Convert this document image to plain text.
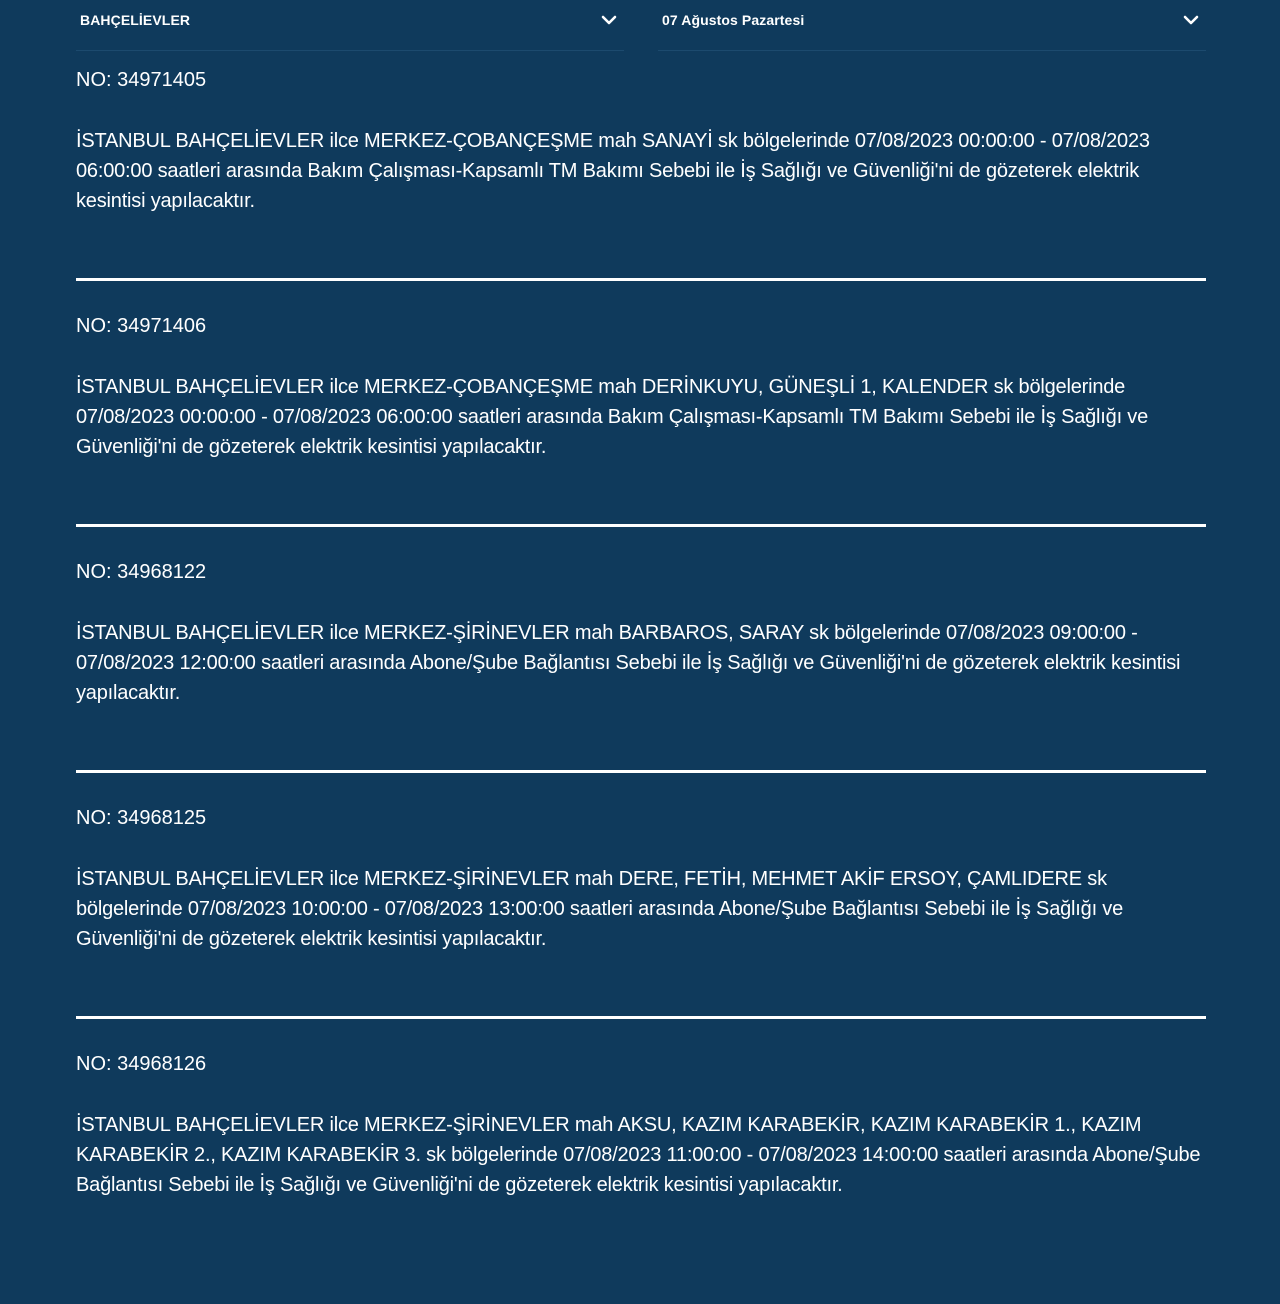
BAHÇELİEVLER	07 Ağustos Pazartesi
NO: 34971405
İSTANBUL BAHÇELİEVLER ilce MERKEZ-ÇOBANÇEŞME mah SANAYİ sk bölgelerinde 07/08/2023 00:00:00 - 07/08/2023 06:00:00 saatleri arasında Bakım Çalışması-Kapsamlı TM Bakımı Sebebi ile İş Sağlığı ve Güvenliği'ni de gözeterek elektrik kesintisi yapılacaktır.
NO: 34971406
İSTANBUL BAHÇELİEVLER ilce MERKEZ-ÇOBANÇEŞME mah DERİNKUYU, GÜNEŞLİ 1, KALENDER sk bölgelerinde 07/08/2023 00:00:00 - 07/08/2023 06:00:00 saatleri arasında Bakım Çalışması-Kapsamlı TM Bakımı Sebebi ile İş Sağlığı ve Güvenliği'ni de gözeterek elektrik kesintisi yapılacaktır.
NO: 34968122
İSTANBUL BAHÇELİEVLER ilce MERKEZ-ŞİRİNEVLER mah BARBAROS, SARAY sk bölgelerinde 07/08/2023 09:00:00 - 07/08/2023 12:00:00 saatleri arasında Abone/Şube Bağlantısı Sebebi ile İş Sağlığı ve Güvenliği'ni de gözeterek elektrik kesintisi yapılacaktır.
NO: 34968125
İSTANBUL BAHÇELİEVLER ilce MERKEZ-ŞİRİNEVLER mah DERE, FETİH, MEHMET AKİF ERSOY, ÇAMLIDERE sk bölgelerinde 07/08/2023 10:00:00 - 07/08/2023 13:00:00 saatleri arasında Abone/Şube Bağlantısı Sebebi ile İş Sağlığı ve Güvenliği'ni de gözeterek elektrik kesintisi yapılacaktır.
NO: 34968126
İSTANBUL BAHÇELİEVLER ilce MERKEZ-ŞİRİNEVLER mah AKSU, KAZIM KARABEKİR, KAZIM KARABEKİR 1., KAZIM KARABEKİR 2., KAZIM KARABEKİR 3. sk bölgelerinde 07/08/2023 11:00:00 - 07/08/2023 14:00:00 saatleri arasında Abone/Şube Bağlantısı Sebebi ile İş Sağlığı ve Güvenliği'ni de gözeterek elektrik kesintisi yapılacaktır.
